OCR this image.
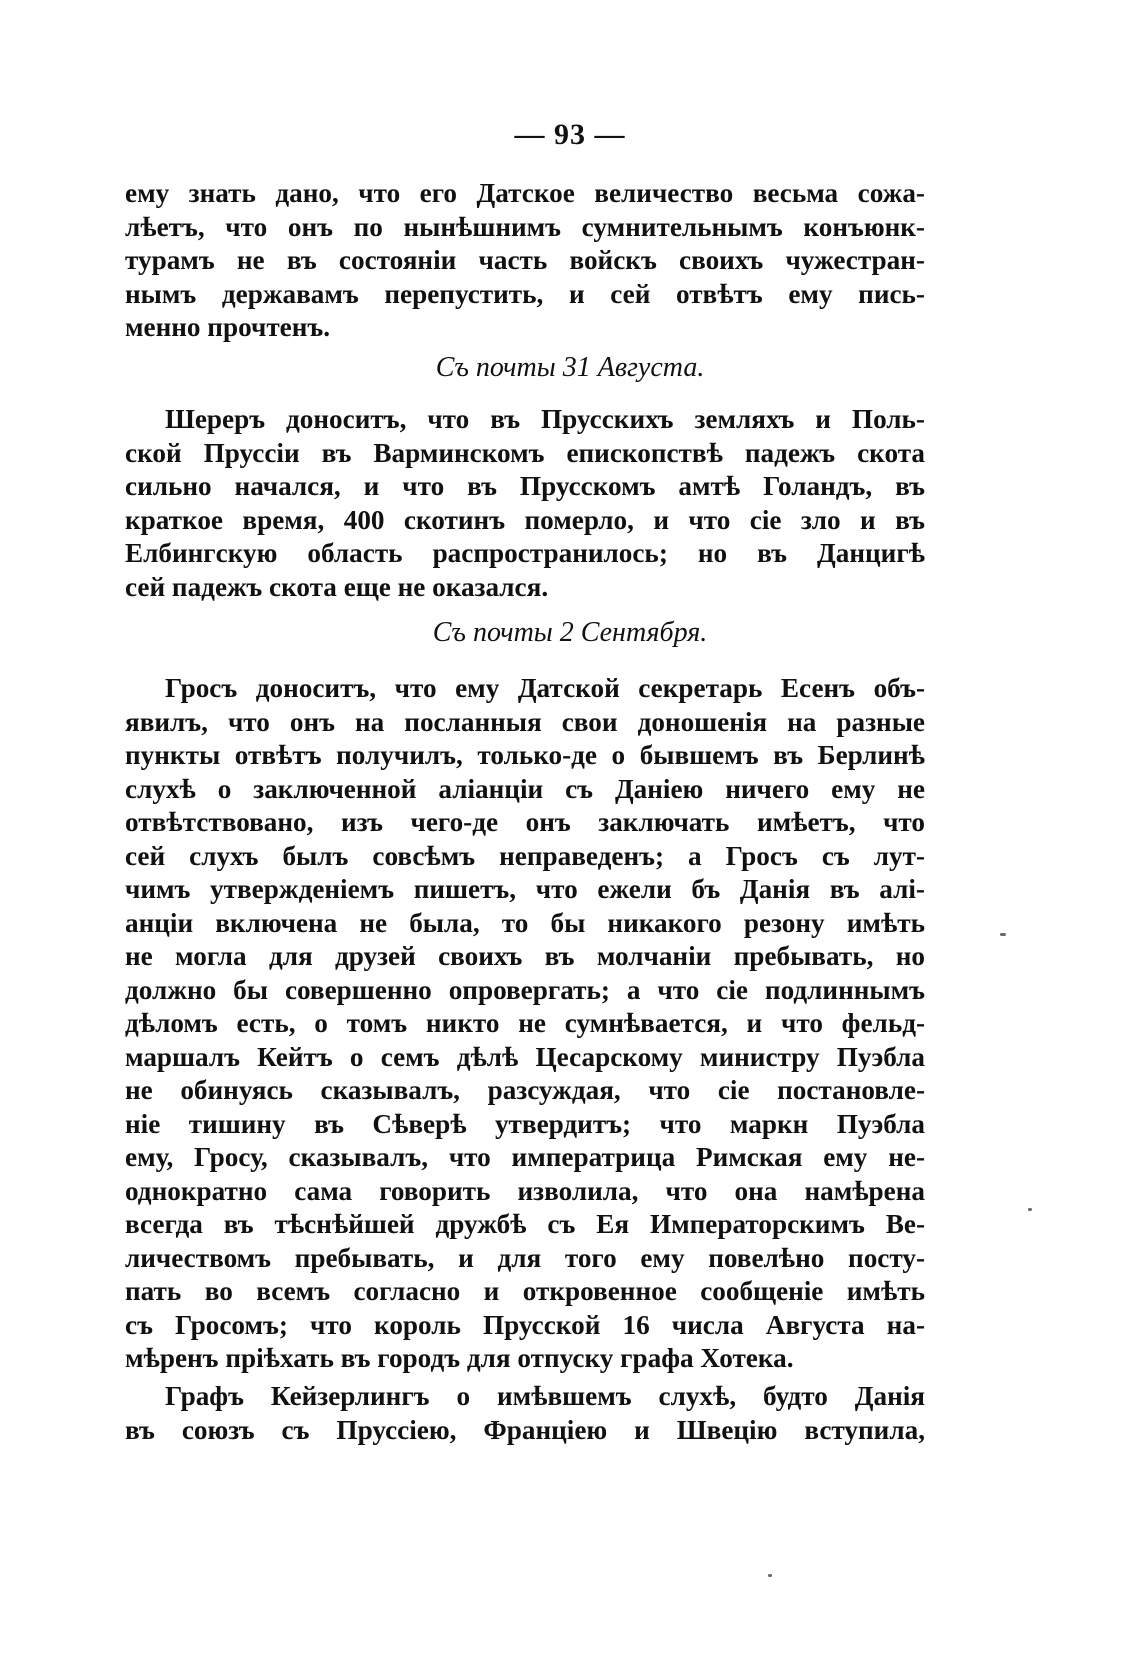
— 93 —
ему знать дано, что его Датское величество весьма сожа-
лѣетъ, что онъ по нынѣшнимъ сумнительнымъ конъюнк-
турамъ не въ состоянiи часть войскъ своихъ чужестран-
нымъ державамъ перепустить, и сей отвѣтъ ему пись-
менно прочтенъ.
Съ почты 31 Августа.
Шереръ доноситъ, что въ Прусскихъ земляхъ и Поль-
ской Пруссiи въ Варминскомъ епископствѣ падежъ скота
сильно начался, и что въ Прусскомъ амтѣ Голандъ, въ
краткое время, 400 скотинъ померло, и что сiе зло и въ
Елбингскую область распространилось; но въ Данцигѣ
сей падежъ скота еще не оказался.
Съ почты 2 Сентября.
Гросъ доноситъ, что ему Датской секретарь Есенъ объ-
явилъ, что онъ на посланныя свои доношенiя на разные
пункты отвѣтъ получилъ, только-де о бывшемъ въ Берлинѣ
слухѣ о заключенной алiанцiи съ Данiею ничего ему не
отвѣтствовано, изъ чего-де онъ заключать имѣетъ, что
сей слухъ былъ совсѣмъ неправеденъ; а Гросъ съ лут-
чимъ утвержденiемъ пишетъ, что ежели бъ Данiя въ алi-
анцiи включена не была, то бы никакого резону имѣть
не могла для друзей своихъ въ молчанiи пребывать, но
должно бы совершенно опровергать; а что сiе подлиннымъ
дѣломъ есть, о томъ никто не сумнѣвается, и что фельд-
маршалъ Кейтъ о семъ дѣлѣ Цесарскому министру Пуэбла
не обинуясь сказывалъ, разсуждая, что сiе постановле-
нiе тишину въ Сѣверѣ утвердитъ; что маркн Пуэбла
ему, Гросу, сказывалъ, что императрица Римская ему не-
однократно сама говорить изволила, что она намѣрена
всегда въ тѣснѣйшей дружбѣ съ Ея Императорскимъ Ве-
личествомъ пребывать, и для того ему повелѣно посту-
пать во всемъ согласно и откровенное сообщенiе имѣть
съ Гросомъ; что король Прусской 16 числа Августа на-
мѣренъ прiѣхать въ городъ для отпуску графа Хотека.
Графъ Кейзерлингъ о имѣвшемъ слухѣ, будто Данiя
въ союзъ съ Пруссiею, Францiею и Швецiю вступила,
